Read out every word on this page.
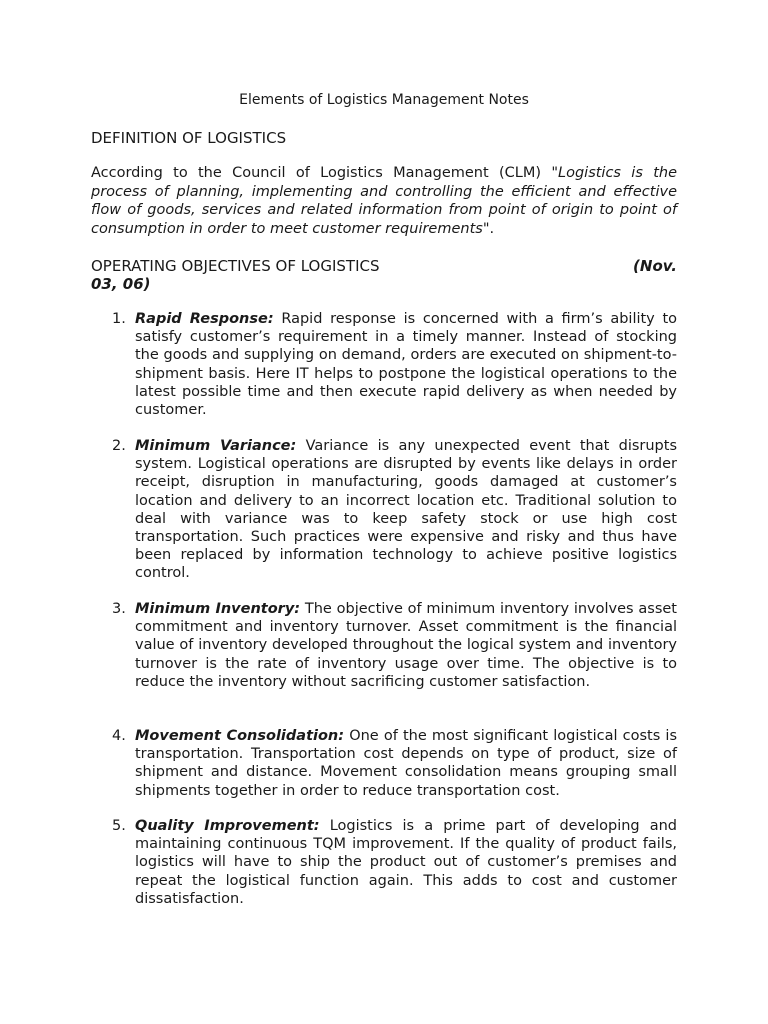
Elements of Logistics Management Notes
DEFINITION OF LOGISTICS

According to the Council of Logistics Management (CLM) "Logistics is the process of planning, implementing and controlling the efficient and effective flow of goods, services and related information from point of origin to point of consumption in order to meet customer requirements".

OPERATING OBJECTIVES OF LOGISTICS	(Nov.

03, 06)
1. Rapid Response: Rapid response is concerned with a firm’s ability to satisfy customer’s requirement in a timely manner. Instead of stocking the goods and supplying on demand, orders are executed on shipment-to-shipment basis. Here IT helps to postpone the logistical operations to the latest possible time and then execute rapid delivery as when needed by customer.

2. Minimum Variance: Variance is any unexpected event that disrupts system. Logistical operations are disrupted by events like delays in order receipt, disruption in manufacturing, goods damaged at customer’s location and delivery to an incorrect location etc. Traditional solution to deal with variance was to keep safety stock or use high cost transportation. Such practices were expensive and risky and thus have been replaced by information technology to achieve positive logistics control.

3. Minimum Inventory: The objective of minimum inventory involves asset commitment and inventory turnover. Asset commitment is the financial value of inventory developed throughout the logical system and inventory turnover is the rate of inventory usage over time. The objective is to reduce the inventory without sacrificing customer satisfaction.

4. Movement Consolidation: One of the most significant logistical costs is transportation. Transportation cost depends on type of product, size of shipment and distance. Movement consolidation means grouping small shipments together in order to reduce transportation cost.

5. Quality Improvement: Logistics is a prime part of developing and maintaining continuous TQM improvement. If the quality of product fails, logistics will have to ship the product out of customer’s premises and repeat the logistical function again. This adds to cost and customer dissatisfaction.
